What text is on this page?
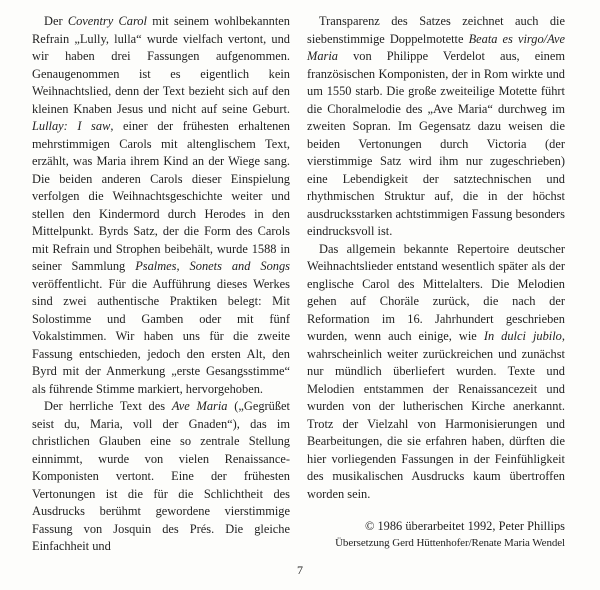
Der Coventry Carol mit seinem wohlbekannten Refrain „Lully, lulla“ wurde vielfach vertont, und wir haben drei Fassungen aufgenommen. Genaugenommen ist es eigentlich kein Weihnachtslied, denn der Text bezieht sich auf den kleinen Knaben Jesus und nicht auf seine Geburt. Lullay: I saw, einer der frühesten erhaltenen mehrstimmigen Carols mit altenglischem Text, erzählt, was Maria ihrem Kind an der Wiege sang. Die beiden anderen Carols dieser Einspielung verfolgen die Weihnachtsgeschichte weiter und stellen den Kindermord durch Herodes in den Mittelpunkt. Byrds Satz, der die Form des Carols mit Refrain und Strophen beibehält, wurde 1588 in seiner Sammlung Psalmes, Sonets and Songs veröffentlicht. Für die Aufführung dieses Werkes sind zwei authentische Praktiken belegt: Mit Solostimme und Gamben oder mit fünf Vokalstimmen. Wir haben uns für die zweite Fassung entschieden, jedoch den ersten Alt, den Byrd mit der Anmerkung „erste Gesangsstimme“ als führende Stimme markiert, hervorgehoben.

Der herrliche Text des Ave Maria („Gegrüßet seist du, Maria, voll der Gnaden“), das im christlichen Glauben eine so zentrale Stellung einnimmt, wurde von vielen Renaissance-Komponisten vertont. Eine der frühesten Vertonungen ist die für die Schlichtheit des Ausdrucks berühmt gewordene vierstimmige Fassung von Josquin des Prés. Die gleiche Einfachheit und

Transparenz des Satzes zeichnet auch die siebenstimmige Doppelmotette Beata es virgo/Ave Maria von Philippe Verdelot aus, einem französischen Komponisten, der in Rom wirkte und um 1550 starb. Die große zweiteilige Motette führt die Choralmelodie des „Ave Maria“ durchweg im zweiten Sopran. Im Gegensatz dazu weisen die beiden Vertonungen durch Victoria (der vierstimmige Satz wird ihm nur zugeschrieben) eine Lebendigkeit der satztechnischen und rhythmischen Struktur auf, die in der höchst ausdrucksstarken achtstimmigen Fassung besonders eindrucksvoll ist.

Das allgemein bekannte Repertoire deutscher Weihnachtslieder entstand wesentlich später als der englische Carol des Mittelalters. Die Melodien gehen auf Choräle zurück, die nach der Reformation im 16. Jahrhundert geschrieben wurden, wenn auch einige, wie In dulci jubilo, wahrscheinlich weiter zurückreichen und zunächst nur mündlich überliefert wurden. Texte und Melodien entstammen der Renaissancezeit und wurden von der lutherischen Kirche anerkannt. Trotz der Vielzahl von Harmonisierungen und Bearbeitungen, die sie erfahren haben, dürften die hier vorliegenden Fassungen in der Feinfühligkeit des musikalischen Ausdrucks kaum übertroffen worden sein.

© 1986 überarbeitet 1992, Peter Phillips
Übersetzung Gerd Hüttenhofer/Renate Maria Wendel
7
